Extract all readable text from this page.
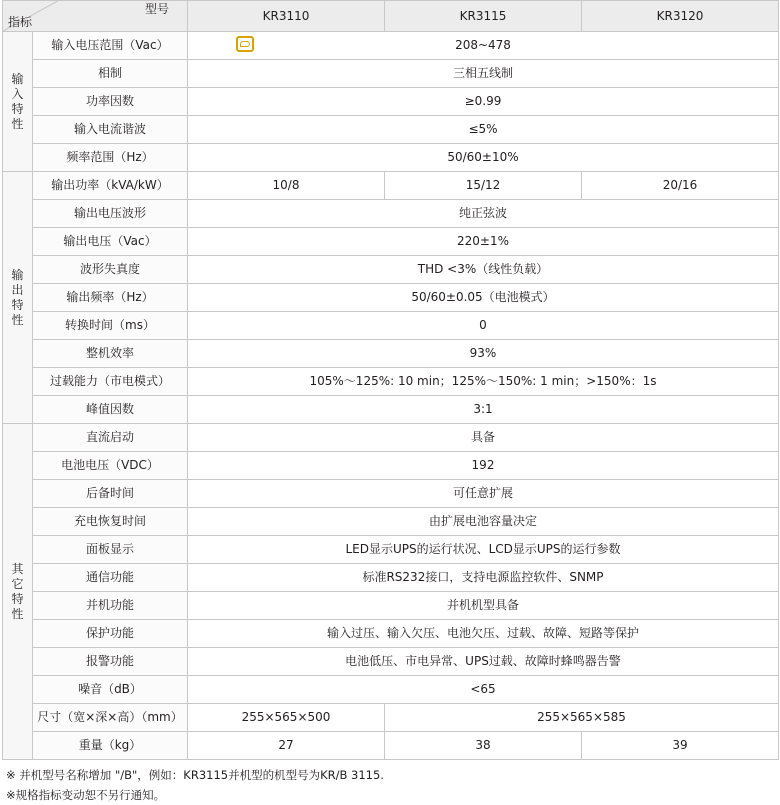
指标
型号		KR3110	KR3115	KR3120
输入特性	输入电压范围（Vac）	208~478		

	相制	三相五线制		
	功率因数	≥0.99		
	输入电流谐波	≤5%		
	频率范围（Hz）	50/60±10%		
输出特性	输出功率（kVA/kW）	10/8	15/12	20/16
	输出电压波形	纯正弦波		
	输出电压（Vac）	220±1%		
	波形失真度	THD <3%（线性负载）		
	输出频率（Hz）	50/60±0.05（电池模式）		
	转换时间（ms）	0		
	整机效率	93%		
	过载能力（市电模式）	105%～125%: 10 min；125%～150%: 1 min；>150%：1s		
	峰值因数	3:1		
其它特性	直流启动	具备		
	电池电压（VDC）	192		
	后备时间	可任意扩展		
	充电恢复时间	由扩展电池容量决定		
	面板显示	LED显示UPS的运行状况、LCD显示UPS的运行参数		
	通信功能	标准RS232接口，支持电源监控软件、SNMP		
	并机功能	并机机型具备		
	保护功能	输入过压、输入欠压、电池欠压、过载、故障、短路等保护		
	报警功能	电池低压、市电异常、UPS过载、故障时蜂鸣器告警		
	噪音（dB）	<65		
	尺寸（宽×深×高）（mm）	255×565×500	255×565×585	
	重量（kg）	27	38	39
※ 并机型号名称增加 "/B"，例如：KR3115并机型的机型号为KR/B 3115.
※规格指标变动恕不另行通知。
